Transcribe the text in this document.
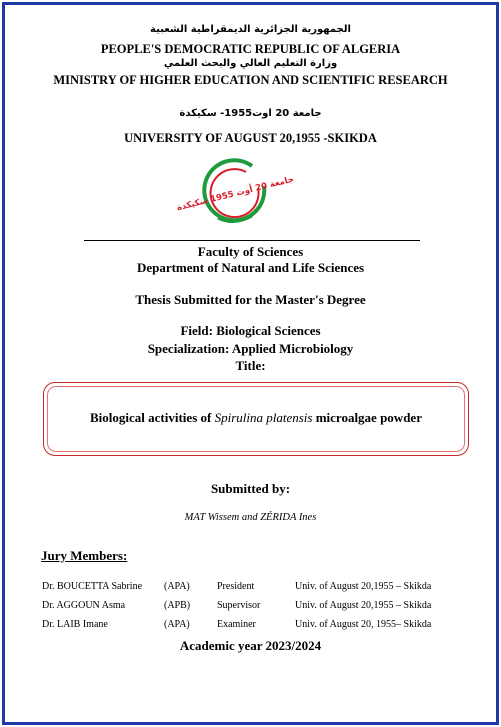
الجمهورية الجزائرية الديمقراطية الشعبية
PEOPLE'S DEMOCRATIC REPUBLIC OF ALGERIA
وزارة التعليم العالي والبحث العلمي
MINISTRY OF HIGHER EDUCATION AND SCIENTIFIC RESEARCH
جامعة 20 اوت1955- سكيكدة
UNIVERSITY OF AUGUST 20,1955 -SKIKDA
جامعة 20 أوت 1955 سكيكدة
Faculty of Sciences
Department of Natural and Life Sciences
Thesis Submitted for the Master's Degree
Field: Biological Sciences
Specialization: Applied Microbiology
Title:
Biological activities of Spirulina platensis microalgae powder
Submitted by:
MAT Wissem and ZÉRIDA Ines
Jury Members:
Dr. BOUCETTA Sabrine (APA)	President	Univ. of August 20,1955 – Skikda
Dr. AGGOUN Asma	(APB)	Supervisor	Univ. of August 20,1955 – Skikda
Dr. LAIB Imane	(APA)	Examiner	Univ. of August 20, 1955– Skikda
Academic year 2023/2024
